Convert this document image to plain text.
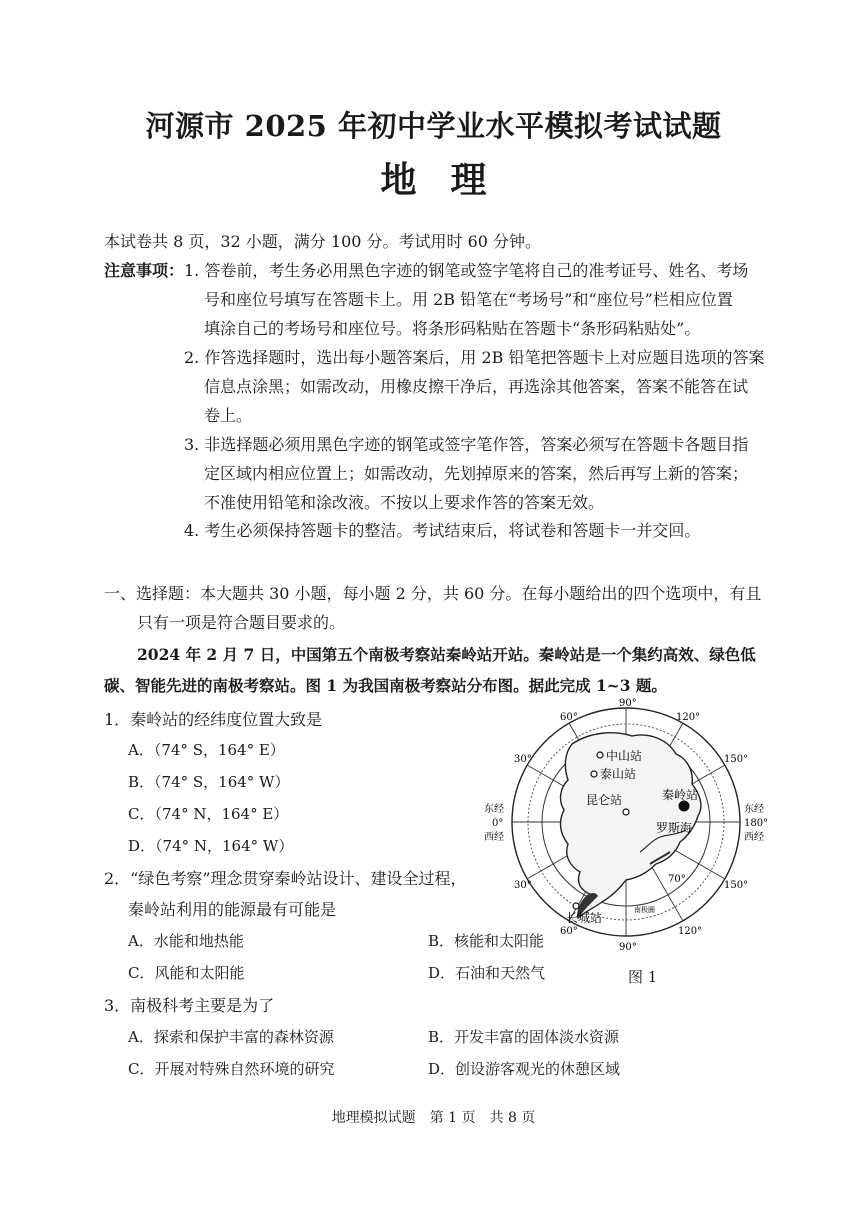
河源市 2025 年初中学业水平模拟考试试题
地理
本试卷共 8 页，32 小题，满分 100 分。考试用时 60 分钟。
注意事项： 1. 答卷前，考生务必用黑色字迹的钢笔或签字笔将自己的准考证号、姓名、考场
号和座位号填写在答题卡上。用 2B 铅笔在“考场号”和“座位号”栏相应位置
填涂自己的考场号和座位号。将条形码粘贴在答题卡“条形码粘贴处”。
2. 作答选择题时，选出每小题答案后，用 2B 铅笔把答题卡上对应题目选项的答案
信息点涂黑；如需改动，用橡皮擦干净后，再选涂其他答案，答案不能答在试
卷上。
3. 非选择题必须用黑色字迹的钢笔或签字笔作答，答案必须写在答题卡各题目指
定区域内相应位置上；如需改动，先划掉原来的答案，然后再写上新的答案；
不准使用铅笔和涂改液。不按以上要求作答的答案无效。
4. 考生必须保持答题卡的整洁。考试结束后，将试卷和答题卡一并交回。
一、选择题：本大题共 30 小题，每小题 2 分，共 60 分。在每小题给出的四个选项中，有且
只有一项是符合题目要求的。
2024 年 2 月 7 日，中国第五个南极考察站秦岭站开站。秦岭站是一个集约高效、绿色低
碳、智能先进的南极考察站。图 1 为我国南极考察站分布图。据此完成 1~3 题。
1．秦岭站的经纬度位置大致是
A．（74° S，164° E）
B．（74° S，164° W）
C．（74° N，164° E）
D．（74° N，164° W）
2．“绿色考察”理念贯穿秦岭站设计、建设全过程，
秦岭站利用的能源最有可能是
A．水能和地热能	B．核能和太阳能
C．风能和太阳能	D．石油和天然气
3．南极科考主要是为了
A．探索和保护丰富的森林资源	B．开发丰富的固体淡水资源
C．开展对特殊自然环境的研究	D．创设游客观光的休憩区域
中山站
泰山站
昆仑站	秦岭站
罗斯海
长城站
南极圈
70°
60°
90°
120°
30°	150°
30°	150°
60°
90°
120°
东经
0°
西经
东经
180°
西经
图 1
地理模拟试题　第 1 页　共 8 页
